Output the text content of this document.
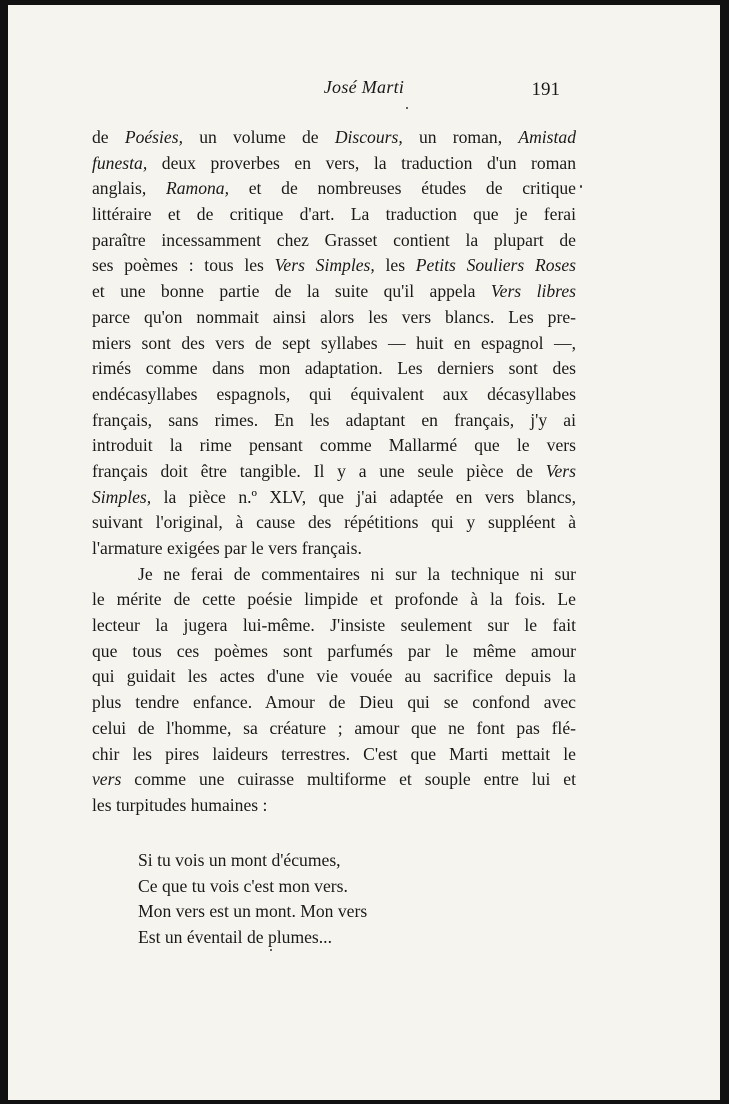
José Marti	191
de Poésies, un volume de Discours, un roman, Amistad
funesta, deux proverbes en vers, la traduction d'un roman
anglais, Ramona, et de nombreuses études de critique
littéraire et de critique d'art. La traduction que je ferai
paraître incessamment chez Grasset contient la plupart de
ses poèmes : tous les Vers Simples, les Petits Souliers Roses
et une bonne partie de la suite qu'il appela Vers libres
parce qu'on nommait ainsi alors les vers blancs. Les pre-
miers sont des vers de sept syllabes — huit en espagnol —,
rimés comme dans mon adaptation. Les derniers sont des
endécasyllabes espagnols, qui équivalent aux décasyllabes
français, sans rimes. En les adaptant en français, j'y ai
introduit la rime pensant comme Mallarmé que le vers
français doit être tangible. Il y a une seule pièce de Vers
Simples, la pièce n.º XLV, que j'ai adaptée en vers blancs,
suivant l'original, à cause des répétitions qui y suppléent à
l'armature exigées par le vers français.
Je ne ferai de commentaires ni sur la technique ni sur
le mérite de cette poésie limpide et profonde à la fois. Le
lecteur la jugera lui-même. J'insiste seulement sur le fait
que tous ces poèmes sont parfumés par le même amour
qui guidait les actes d'une vie vouée au sacrifice depuis la
plus tendre enfance. Amour de Dieu qui se confond avec
celui de l'homme, sa créature ; amour que ne font pas flé-
chir les pires laideurs terrestres. C'est que Marti mettait le
vers comme une cuirasse multiforme et souple entre lui et
les turpitudes humaines :
Si tu vois un mont d'écumes,
Ce que tu vois c'est mon vers.
Mon vers est un mont. Mon vers
Est un éventail de plumes...
